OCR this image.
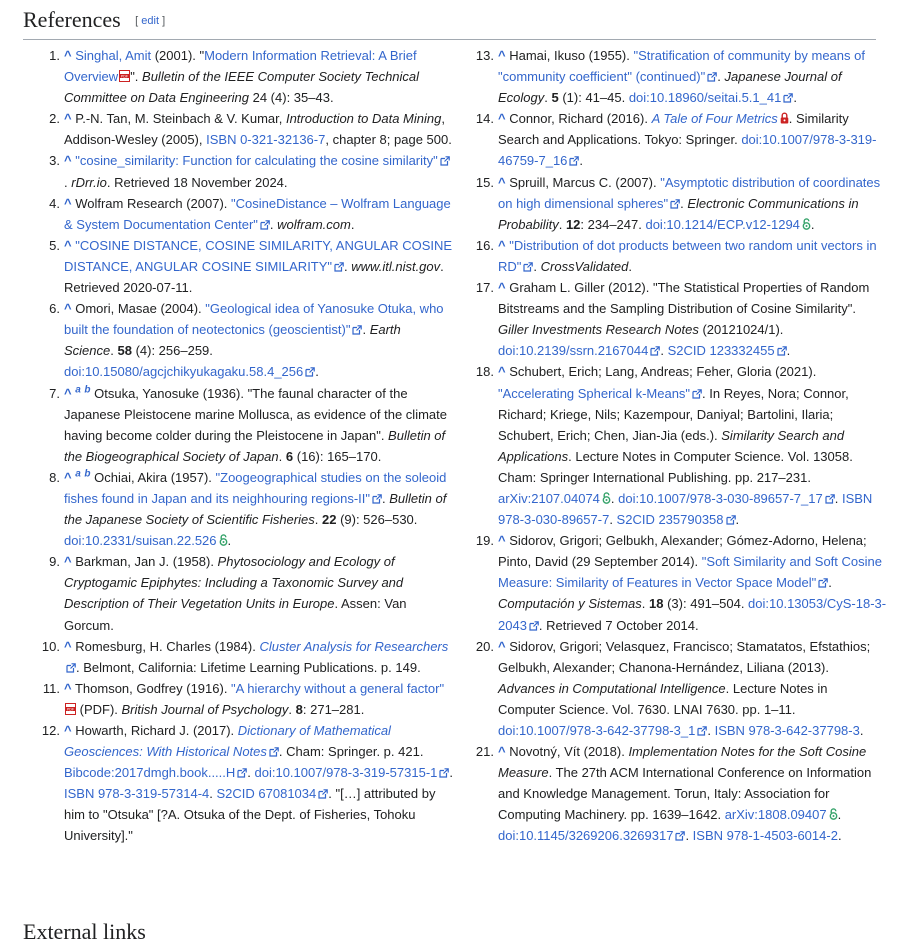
References [ edit ]
1. ^ Singhal, Amit (2001). "Modern Information Retrieval: A Brief Overview PDF ". Bulletin of the IEEE Computer Society Technical Committee on Data Engineering 24 (4): 35–43.
2. ^ P.-N. Tan, M. Steinbach & V. Kumar, Introduction to Data Mining, Addison-Wesley (2005), ISBN 0-321-32136-7, chapter 8; page 500.
3. ^ "cosine_similarity: Function for calculating the cosine similarity". rDrr.io. Retrieved 18 November 2024.
4. ^ Wolfram Research (2007). "CosineDistance – Wolfram Language & System Documentation Center" . wolfram.com.
5. ^ "COSINE DISTANCE, COSINE SIMILARITY, ANGULAR COSINE DISTANCE, ANGULAR COSINE SIMILARITY" . www.itl.nist.gov. Retrieved 2020-07-11.
6. ^ Omori, Masae (2004). "Geological idea of Yanosuke Otuka, who built the foundation of neotectonics (geoscientist)" . Earth Science. 58 (4): 256–259. doi:10.15080/agcjchikyukagaku.58.4_256 .
7. ^ $^a$ $^b$ Otsuka, Yanosuke (1936). "The faunal character of the Japanese Pleistocene marine Mollusca, as evidence of the climate having become colder during the Pleistocene in Japan". Bulletin of the Biogeographical Society of Japan. 6 (16): 165–170.
8. ^ $^a$ $^b$ Ochiai, Akira (1957). "Zoogeographical studies on the soleoid fishes found in Japan and its neighhouring regions-II" . Bulletin of the Japanese Society of Scientific Fisheries. 22 (9): 526–530. doi:10.2331/suisan.22.526 .
9. ^ Barkman, Jan J. (1958). Phytosociology and Ecology of Cryptogamic Epiphytes: Including a Taxonomic Survey and Description of Their Vegetation Units in Europe. Assen: Van Gorcum.
10. ^ Romesburg, H. Charles (1984). Cluster Analysis for Researchers. Belmont, California: Lifetime Learning Publications. p. 149.
11. ^ Thomson, Godfrey (1916). "A hierarchy without a general factor"
PDF (PDF). British Journal of Psychology. 8: 271–281.
12. ^ Howarth, Richard J. (2017). Dictionary of Mathematical Geosciences: With Historical Notes . Cham: Springer. p. 421. Bibcode:2017dmgh.book.....H . doi:10.1007/978-3-319-57315-1 . ISBN 978-3-319-57314-4. S2CID 67081034 . "[…] attributed by him to "Otsuka" [?A. Otsuka of the Dept. of Fisheries, Tohoku University]."
13. ^ Hamai, Ikuso (1955). "Stratification of community by means of "community coefficient" (continued)" . Japanese Journal of Ecology. 5 (1): 41–45. doi:10.18960/seitai.5.1_41 .
14. ^ Connor, Richard (2016). A Tale of Four Metrics . Similarity Search and Applications. Tokyo: Springer. doi:10.1007/978-3-319-46759-7_16 .
15. ^ Spruill, Marcus C. (2007). "Asymptotic distribution of coordinates on high dimensional spheres" . Electronic Communications in Probability. 12: 234–247. doi:10.1214/ECP.v12-1294 .
16. ^ "Distribution of dot products between two random unit vectors in RD" . CrossValidated.
17. ^ Graham L. Giller (2012). "The Statistical Properties of Random Bitstreams and the Sampling Distribution of Cosine Similarity". Giller Investments Research Notes (20121024/1). doi:10.2139/ssrn.2167044 . S2CID 123332455 .
18. ^ Schubert, Erich; Lang, Andreas; Feher, Gloria (2021). "Accelerating Spherical k-Means" . In Reyes, Nora; Connor, Richard; Kriege, Nils; Kazempour, Daniyal; Bartolini, Ilaria; Schubert, Erich; Chen, Jian-Jia (eds.). Similarity Search and Applications. Lecture Notes in Computer Science. Vol. 13058. Cham: Springer International Publishing. pp. 217–231. arXiv:2107.04074 . doi:10.1007/978-3-030-89657-7_17 . ISBN 978-3-030-89657-7. S2CID 235790358 .
19. ^ Sidorov, Grigori; Gelbukh, Alexander; Gómez-Adorno, Helena; Pinto, David (29 September 2014). "Soft Similarity and Soft Cosine Measure: Similarity of Features in Vector Space Model" . Computación y Sistemas. 18 (3): 491–504. doi:10.13053/CyS-18-3-2043 . Retrieved 7 October 2014.
20. ^ Sidorov, Grigori; Velasquez, Francisco; Stamatatos, Efstathios; Gelbukh, Alexander; Chanona-Hernández, Liliana (2013). Advances in Computational Intelligence. Lecture Notes in Computer Science. Vol. 7630. LNAI 7630. pp. 1–11. doi:10.1007/978-3-642-37798-3_1 . ISBN 978-3-642-37798-3.
21. ^ Novotný, Vít (2018). Implementation Notes for the Soft Cosine Measure. The 27th ACM International Conference on Information and Knowledge Management. Torun, Italy: Association for Computing Machinery. pp. 1639–1642. arXiv:1808.09407 . doi:10.1145/3269206.3269317 . ISBN 978-1-4503-6014-2.
External links
